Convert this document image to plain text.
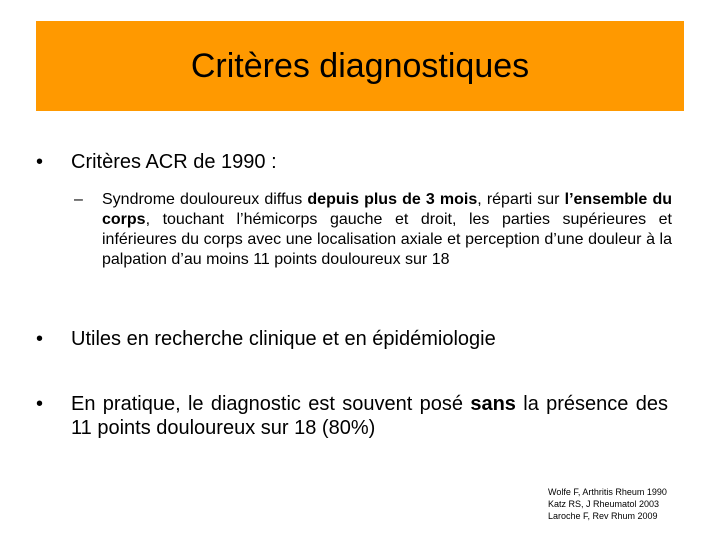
Critères diagnostiques
• Critères ACR de 1990 :
–	Syndrome douloureux diffus depuis plus de 3 mois, réparti sur l’ensemble du corps, touchant l’hémicorps gauche et droit, les parties supérieures et inférieures du corps avec une localisation axiale et perception d’une douleur à la palpation d’au moins 11 points douloureux sur 18
• Utiles en recherche clinique et en épidémiologie
•	En pratique, le diagnostic est souvent posé sans la présence des 11 points douloureux sur 18 (80%)
Wolfe F, Arthritis Rheum 1990
Katz RS, J Rheumatol 2003
Laroche F, Rev Rhum 2009
